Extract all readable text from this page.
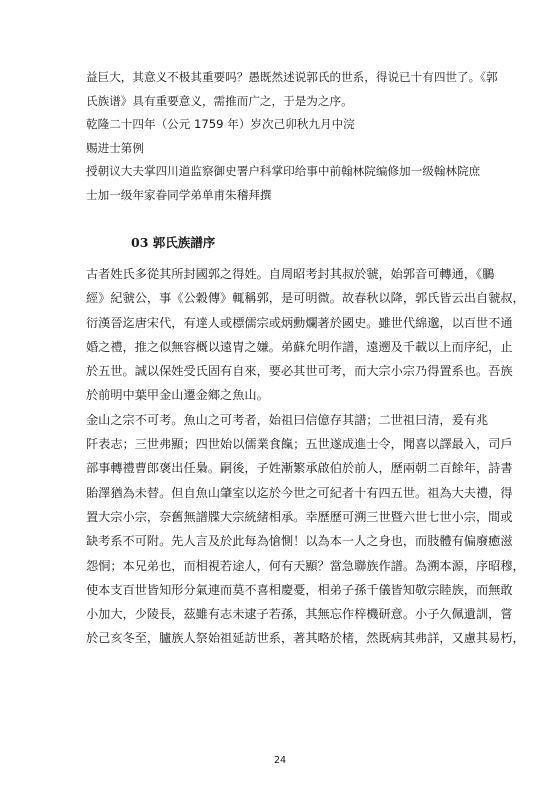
益巨大，其意义不极其重要吗？愚既然述说郭氏的世系，得说已十有四世了。《郭

氏族谱》具有重要意义，需推而广之，于是为之序。

乾隆二十四年（公元 1759 年）岁次己卯秋九月中浣

赐进士第例

授朝议大夫掌四川道监察御史署户科掌印给事中前翰林院编修加一级翰林院庶

士加一级年家眷同学弟单甫朱稽拜撰

03 郭氏族譜序

古者姓氏多從其所封國郭之得姓。自周昭考封其叔於虢，始郭音可轉通，《鵩

經》紀虢公，事《公穀傳》輒稱郭，是可明微。故春秋以降，郭氏皆云出自虢叔，

衍漢晉迄唐宋代，有達人或標儒宗或炳勳爛著於國史。雖世代綿邈，以百世不通

婚之禮，推之似無容概以遠冑之嫌。弟蘇允明作譜，遠遡及千載以上而序紀，止

於五世。誠以保姓受氏固有自來，要必其世可考，而大宗小宗乃得置系也。吾族

於前明中葉甲金山遷金鄉之魚山。

金山之宗不可考。魚山之可考者，始祖曰信億存其譜；二世祖曰清，爰有兆

阡表志；三世弗顯；四世始以儒業食餼；五世遂成進士令，聞喜以譯最入，司戶

部事轉禮曹郎褒出任梟。嗣後，子姓漸繁承啟伯於前人，歷兩朝二百餘年，詩書

貽澤猶為未替。但自魚山肇室以迄於今世之可紀者十有四五世。祖為大夫禮，得

置大宗小宗，奈舊無譜牒大宗統緒相承。幸歷歷可溯三世暨六世七世小宗，間或

缺考系不可附。先人言及於此每為愴惻！以為本一人之身也，而肢體有偏廢癒滋

怨恫；本兄弟也，而相視若途人，何有天顯？當急聯族作譜。為溯本源，序昭穆，

使本支百世皆知形分氣連而莫不喜相慶憂，相弟子孫千儀皆知敬宗睦族，而無敢

小加大，少陵長，茲雖有志未逮子若孫，其無忘作梓機研意。小子久佩遺訓，嘗

於己亥冬至，臚族人祭始祖延訪世系，著其略於楮，然既病其弗詳，又慮其易朽，

24
